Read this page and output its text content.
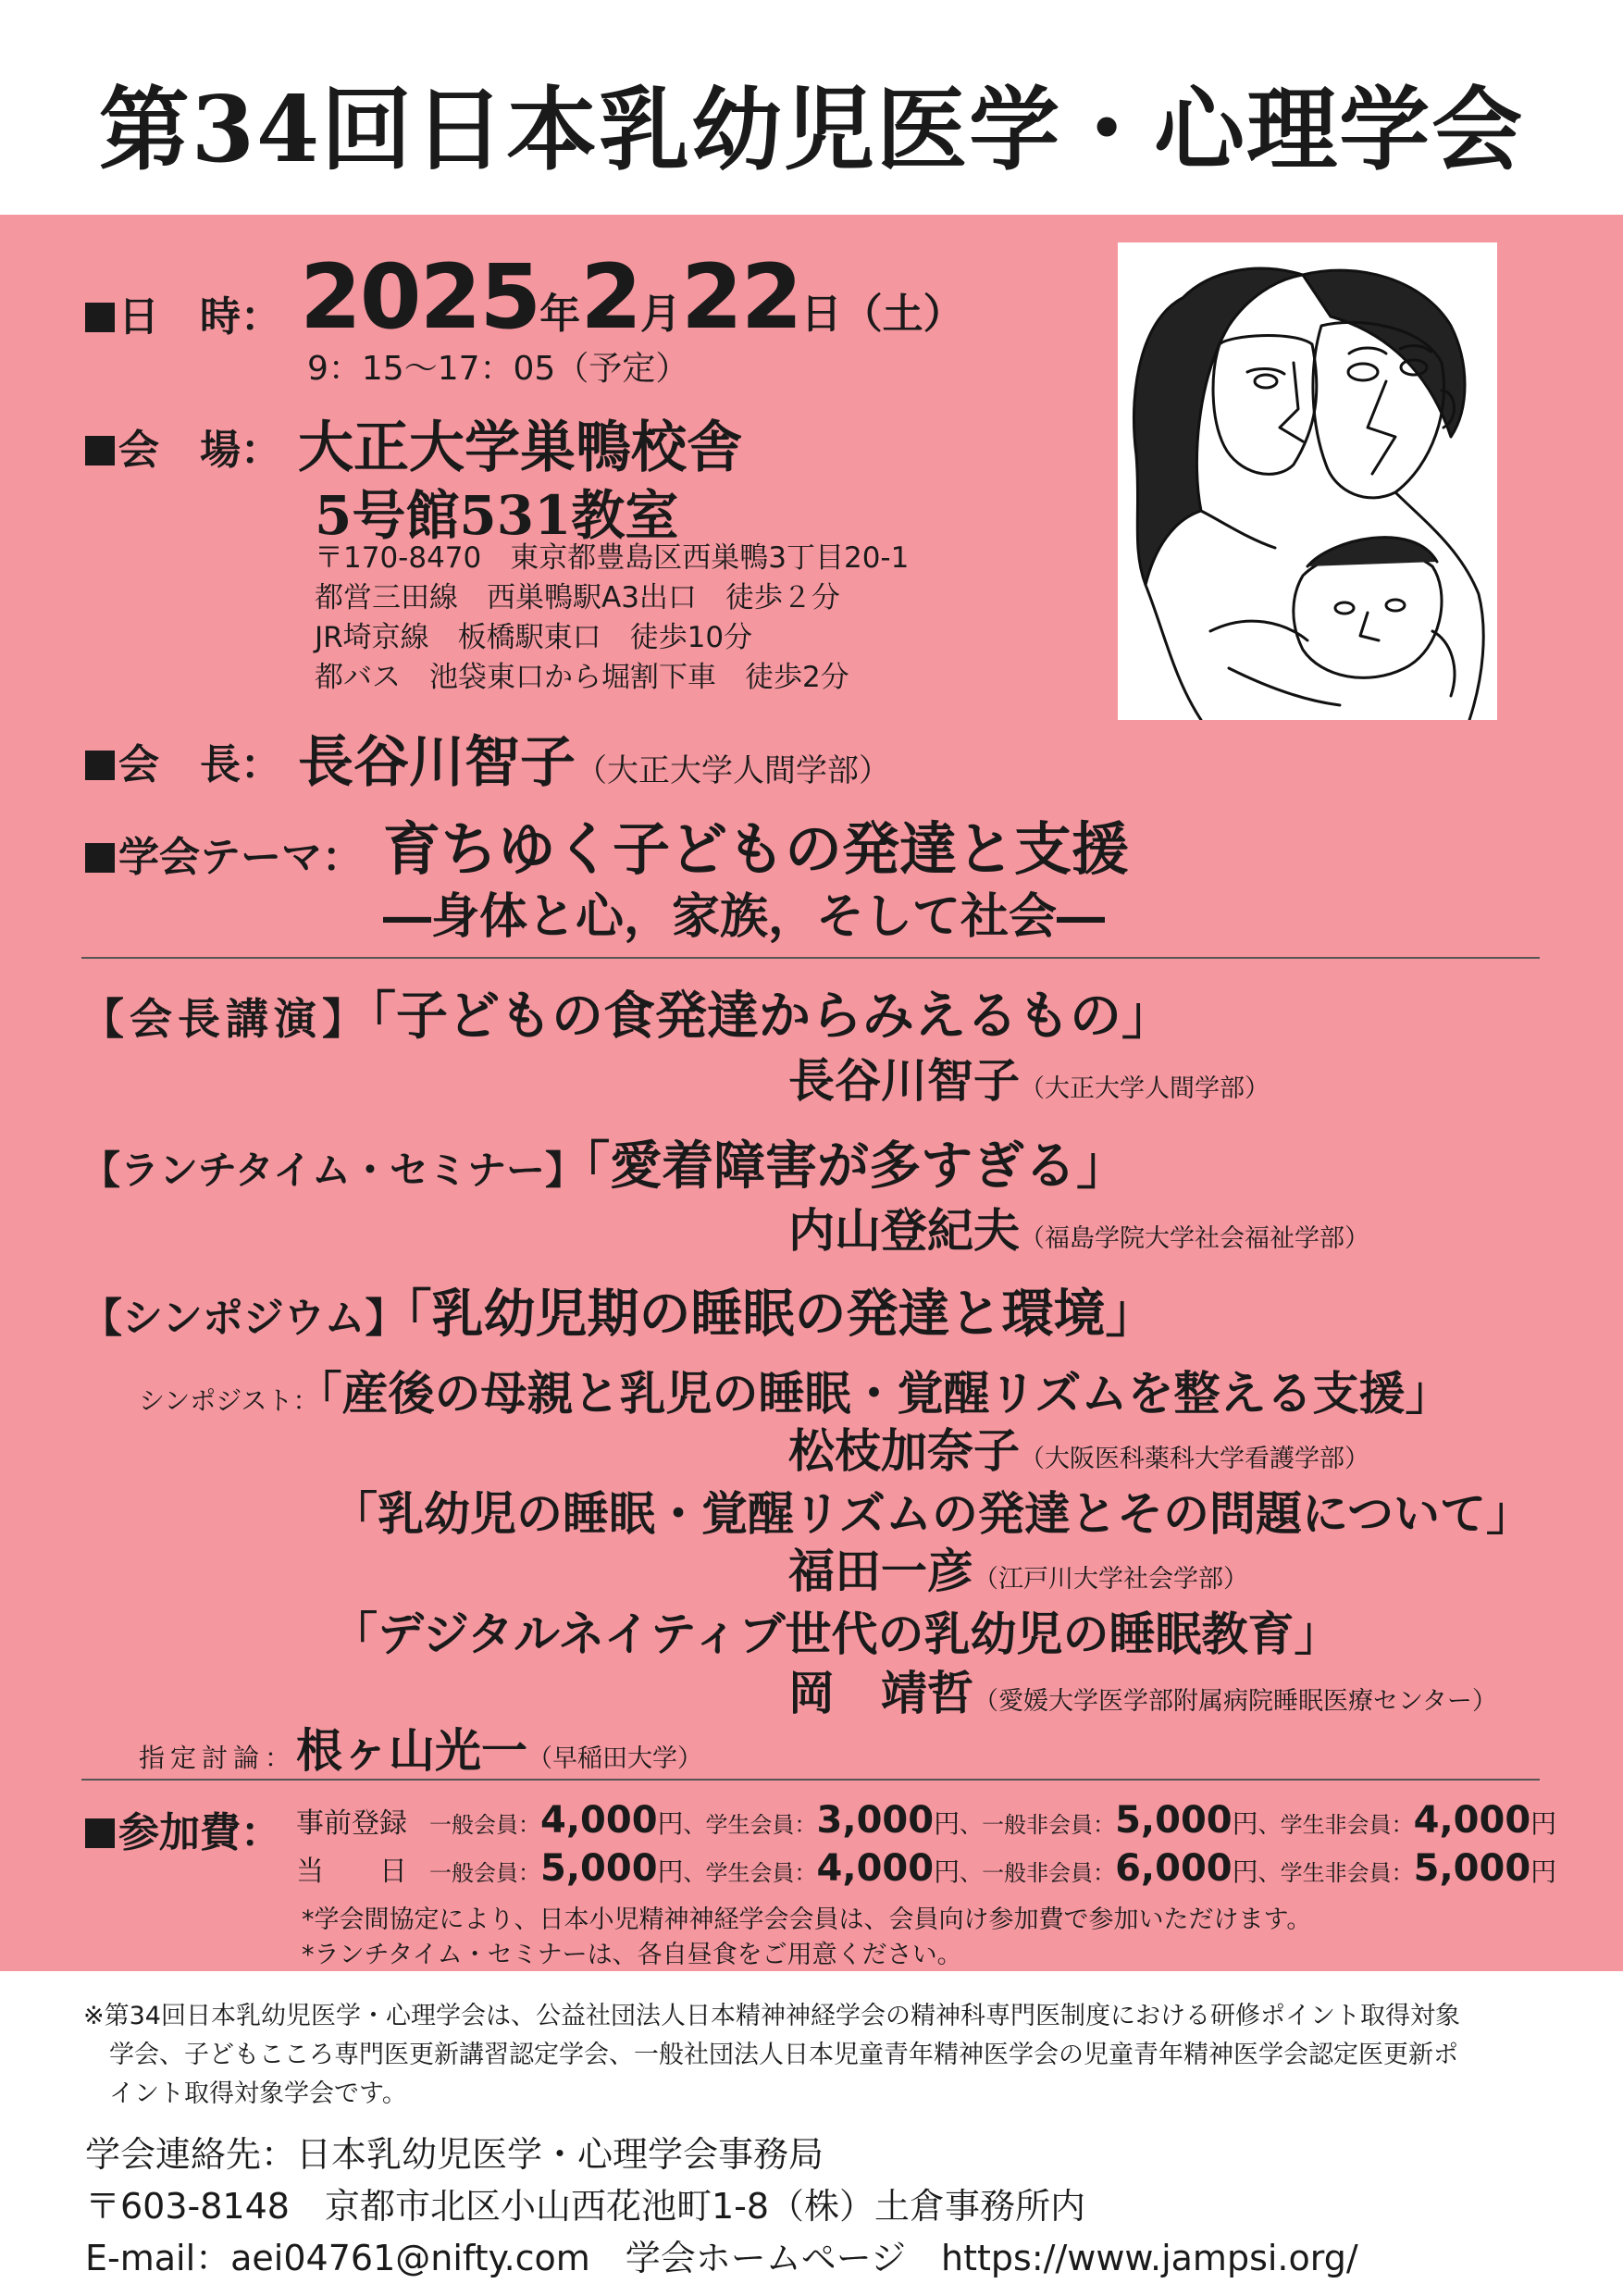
第34回日本乳幼児医学・心理学会
日　時： 2025年2月22日（土）
9：15～17：05（予定）
会　場： 大正大学巣鴨校舎
5号館531教室
〒170-8470　東京都豊島区西巣鴨3丁目20-1
都営三田線　西巣鴨駅A3出口　徒歩２分
JR埼京線　板橋駅東口　徒歩10分
都バス　池袋東口から堀割下車　徒歩2分
会　長： 長谷川智子（大正大学人間学部）
学会テーマ： 育ちゆく子どもの発達と支援
―身体と心，家族，そして社会―
【会長講演】「子どもの食発達からみえるもの」
長谷川智子（大正大学人間学部）
【ランチタイム・セミナー】「愛着障害が多すぎる」
内山登紀夫（福島学院大学社会福祉学部）
【シンポジウム】「乳幼児期の睡眠の発達と環境」
シンポジスト：「産後の母親と乳児の睡眠・覚醒リズムを整える支援」
松枝加奈子（大阪医科薬科大学看護学部）
「乳幼児の睡眠・覚醒リズムの発達とその問題について」
福田一彦（江戸川大学社会学部）
「デジタルネイティブ世代の乳幼児の睡眠教育」
岡　靖哲（愛媛大学医学部附属病院睡眠医療センター）
指定討論：根ヶ山光一（早稲田大学）
参加費： 事前登録 一般会員：4,000円、学生会員：3,000円、一般非会員：5,000円、学生非会員：4,000円
当　　日 一般会員：5,000円、学生会員：4,000円、一般非会員：6,000円、学生非会員：5,000円
*学会間協定により、日本小児精神神経学会会員は、会員向け参加費で参加いただけます。
*ランチタイム・セミナーは、各自昼食をご用意ください。
※第34回日本乳幼児医学・心理学会は、公益社団法人日本精神神経学会の精神科専門医制度における研修ポイント取得対象
学会、子どもこころ専門医更新講習認定学会、一般社団法人日本児童青年精神医学会の児童青年精神医学会認定医更新ポ
イント取得対象学会です。
学会連絡先：日本乳幼児医学・心理学会事務局
〒603-8148　京都市北区小山西花池町1-8（株）土倉事務所内
E-mail：aei04761@nifty.com　学会ホームページ　https://www.jampsi.org/
